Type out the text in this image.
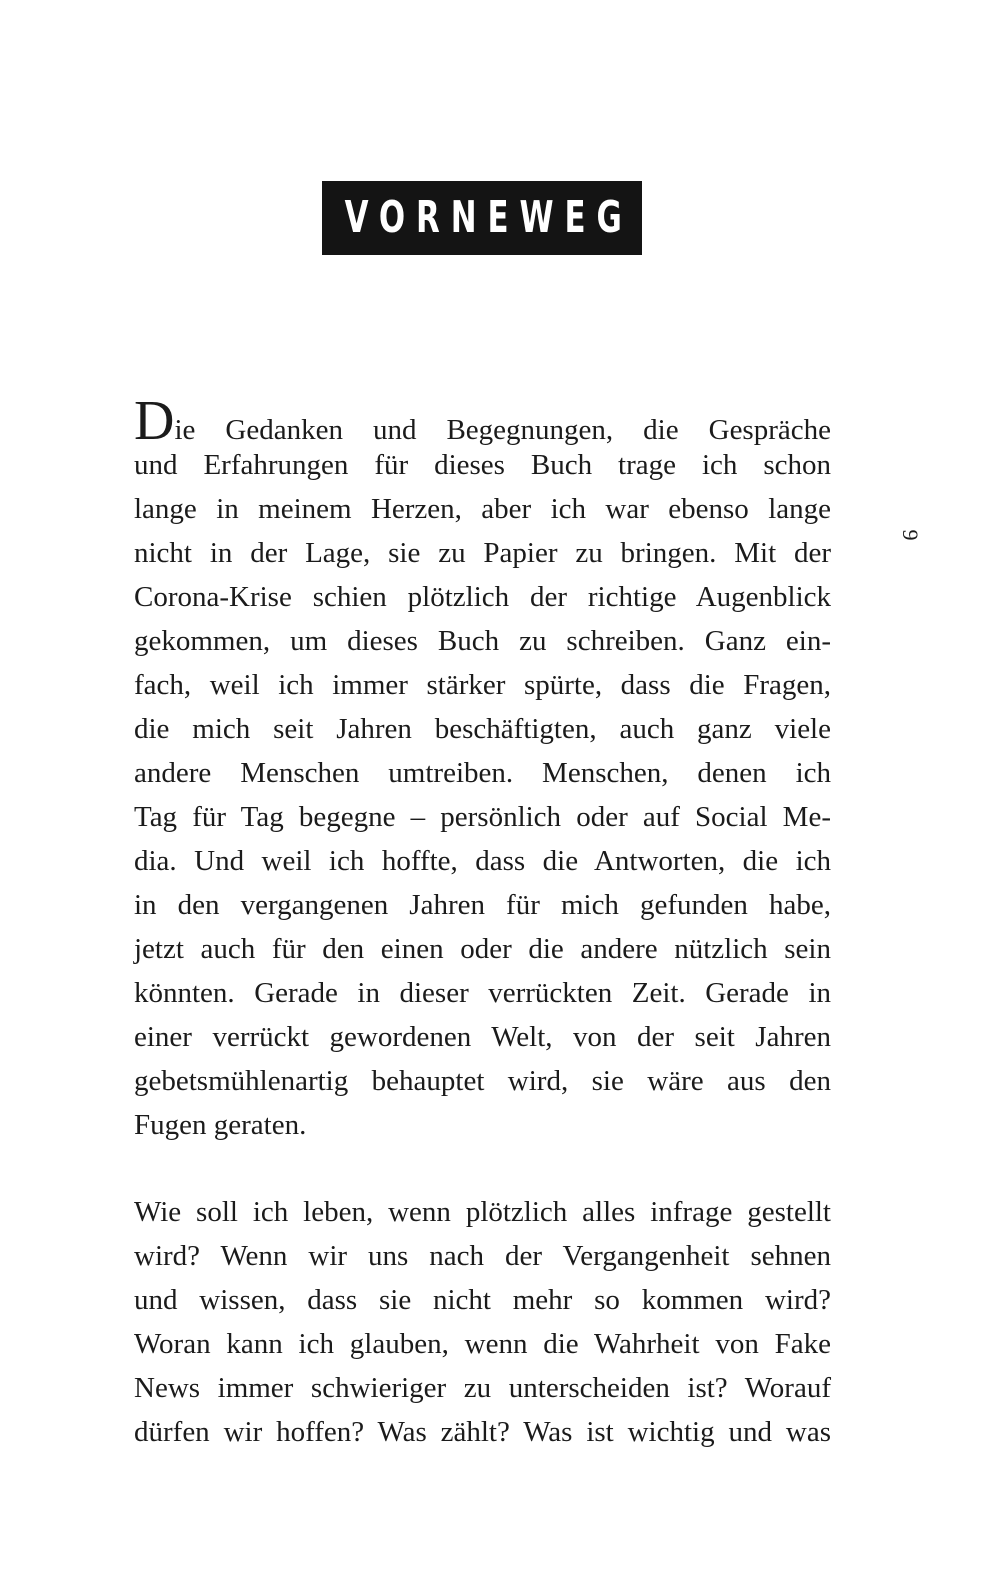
VORNEWEG
9
Die Gedanken und Begegnungen, die Gespräche
und Erfahrungen für dieses Buch trage ich schon
lange in meinem Herzen, aber ich war ebenso lange
nicht in der Lage, sie zu Papier zu bringen. Mit der
Corona-Krise schien plötzlich der richtige Augenblick
gekommen, um dieses Buch zu schreiben. Ganz ein-
fach, weil ich immer stärker spürte, dass die Fragen,
die mich seit Jahren beschäftigten, auch ganz viele
andere Menschen umtreiben. Menschen, denen ich
Tag für Tag begegne – persönlich oder auf Social Me-
dia. Und weil ich hoffte, dass die Antworten, die ich
in den vergangenen Jahren für mich gefunden habe,
jetzt auch für den einen oder die andere nützlich sein
könnten. Gerade in dieser verrückten Zeit. Gerade in
einer verrückt gewordenen Welt, von der seit Jahren
gebetsmühlenartig behauptet wird, sie wäre aus den
Fugen geraten.
Wie soll ich leben, wenn plötzlich alles infrage gestellt
wird? Wenn wir uns nach der Vergangenheit sehnen
und wissen, dass sie nicht mehr so kommen wird?
Woran kann ich glauben, wenn die Wahrheit von Fake
News immer schwieriger zu unterscheiden ist? Worauf
dürfen wir hoffen? Was zählt? Was ist wichtig und was
